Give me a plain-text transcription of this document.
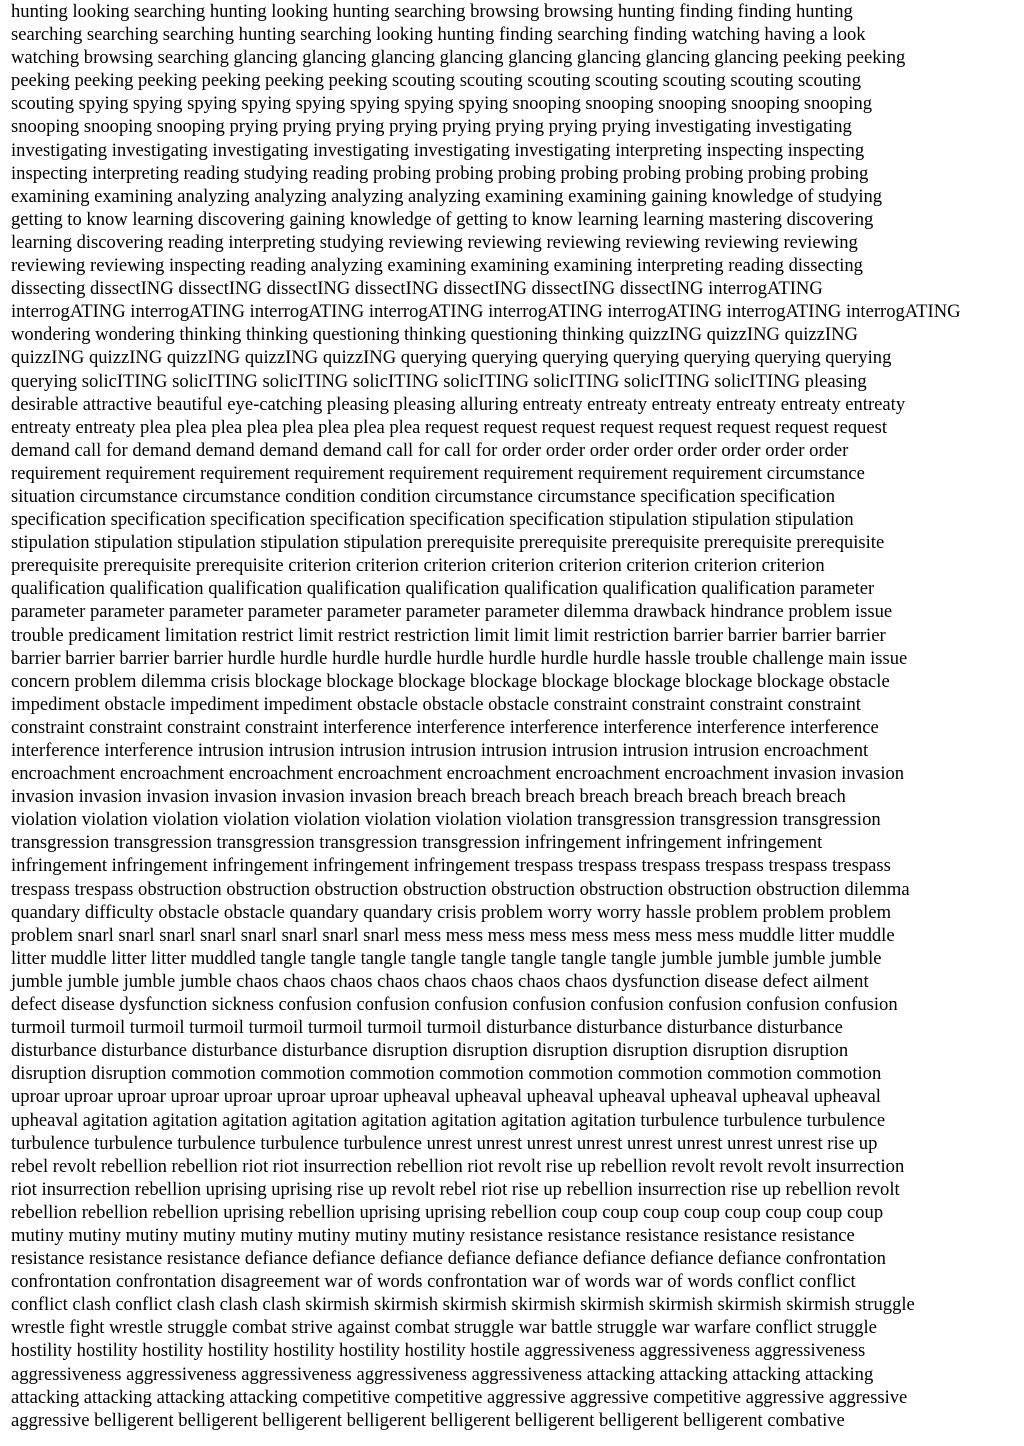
hunting looking searching hunting looking hunting searching browsing browsing hunting finding finding hunting
searching searching searching hunting searching looking hunting finding searching finding watching having a look
watching browsing searching glancing glancing glancing glancing glancing glancing glancing glancing peeking peeking
peeking peeking peeking peeking peeking peeking scouting scouting scouting scouting scouting scouting scouting
scouting spying spying spying spying spying spying spying spying snooping snooping snooping snooping snooping
snooping snooping snooping prying prying prying prying prying prying prying prying investigating investigating
investigating investigating investigating investigating investigating investigating interpreting inspecting inspecting
inspecting interpreting reading studying reading probing probing probing probing probing probing probing probing
examining examining analyzing analyzing analyzing analyzing examining examining gaining knowledge of studying
getting to know learning discovering gaining knowledge of getting to know learning learning mastering discovering
learning discovering reading interpreting studying reviewing reviewing reviewing reviewing reviewing reviewing
reviewing reviewing inspecting reading analyzing examining examining examining interpreting reading dissecting
dissecting dissectING dissectING dissectING dissectING dissectING dissectING dissectING interrogATING
interrogATING interrogATING interrogATING interrogATING interrogATING interrogATING interrogATING interrogATING
wondering wondering thinking thinking questioning thinking questioning thinking quizzING quizzING quizzING
quizzING quizzING quizzING quizzING quizzING querying querying querying querying querying querying querying
querying solicITING solicITING solicITING solicITING solicITING solicITING solicITING solicITING pleasing
desirable attractive beautiful eye-catching pleasing pleasing alluring entreaty entreaty entreaty entreaty entreaty entreaty
entreaty entreaty plea plea plea plea plea plea plea plea request request request request request request request request
demand call for demand demand demand demand call for call for order order order order order order order order
requirement requirement requirement requirement requirement requirement requirement requirement circumstance
situation circumstance circumstance condition condition circumstance circumstance specification specification
specification specification specification specification specification specification stipulation stipulation stipulation
stipulation stipulation stipulation stipulation stipulation prerequisite prerequisite prerequisite prerequisite prerequisite
prerequisite prerequisite prerequisite criterion criterion criterion criterion criterion criterion criterion criterion
qualification qualification qualification qualification qualification qualification qualification qualification parameter
parameter parameter parameter parameter parameter parameter parameter dilemma drawback hindrance problem issue
trouble predicament limitation restrict limit restrict restriction limit limit limit restriction barrier barrier barrier barrier
barrier barrier barrier barrier hurdle hurdle hurdle hurdle hurdle hurdle hurdle hurdle hassle trouble challenge main issue
concern problem dilemma crisis blockage blockage blockage blockage blockage blockage blockage blockage obstacle
impediment obstacle impediment impediment obstacle obstacle obstacle constraint constraint constraint constraint
constraint constraint constraint constraint interference interference interference interference interference interference
interference interference intrusion intrusion intrusion intrusion intrusion intrusion intrusion intrusion encroachment
encroachment encroachment encroachment encroachment encroachment encroachment encroachment invasion invasion
invasion invasion invasion invasion invasion invasion breach breach breach breach breach breach breach breach
violation violation violation violation violation violation violation violation transgression transgression transgression
transgression transgression transgression transgression transgression infringement infringement infringement
infringement infringement infringement infringement infringement trespass trespass trespass trespass trespass trespass
trespass trespass obstruction obstruction obstruction obstruction obstruction obstruction obstruction obstruction dilemma
quandary difficulty obstacle obstacle quandary quandary crisis problem worry worry hassle problem problem problem
problem snarl snarl snarl snarl snarl snarl snarl snarl mess mess mess mess mess mess mess mess muddle litter muddle
litter muddle litter litter muddled tangle tangle tangle tangle tangle tangle tangle tangle jumble jumble jumble jumble
jumble jumble jumble jumble chaos chaos chaos chaos chaos chaos chaos chaos dysfunction disease defect ailment
defect disease dysfunction sickness confusion confusion confusion confusion confusion confusion confusion confusion
turmoil turmoil turmoil turmoil turmoil turmoil turmoil turmoil disturbance disturbance disturbance disturbance
disturbance disturbance disturbance disturbance disruption disruption disruption disruption disruption disruption
disruption disruption commotion commotion commotion commotion commotion commotion commotion commotion
uproar uproar uproar uproar uproar uproar uproar upheaval upheaval upheaval upheaval upheaval upheaval upheaval
upheaval agitation agitation agitation agitation agitation agitation agitation agitation turbulence turbulence turbulence
turbulence turbulence turbulence turbulence turbulence unrest unrest unrest unrest unrest unrest unrest unrest rise up
rebel revolt rebellion rebellion riot riot insurrection rebellion riot revolt rise up rebellion revolt revolt revolt insurrection
riot insurrection rebellion uprising uprising rise up revolt rebel riot rise up rebellion insurrection rise up rebellion revolt
rebellion rebellion rebellion uprising rebellion uprising uprising rebellion coup coup coup coup coup coup coup coup
mutiny mutiny mutiny mutiny mutiny mutiny mutiny mutiny resistance resistance resistance resistance resistance
resistance resistance resistance defiance defiance defiance defiance defiance defiance defiance defiance confrontation
confrontation confrontation disagreement war of words confrontation war of words war of words conflict conflict
conflict clash conflict clash clash clash skirmish skirmish skirmish skirmish skirmish skirmish skirmish skirmish struggle
wrestle fight wrestle struggle combat strive against combat struggle war battle struggle war warfare conflict struggle
hostility hostility hostility hostility hostility hostility hostility hostile aggressiveness aggressiveness aggressiveness
aggressiveness aggressiveness aggressiveness aggressiveness aggressiveness attacking attacking attacking attacking
attacking attacking attacking attacking competitive competitive aggressive aggressive competitive aggressive aggressive
aggressive belligerent belligerent belligerent belligerent belligerent belligerent belligerent belligerent combative
